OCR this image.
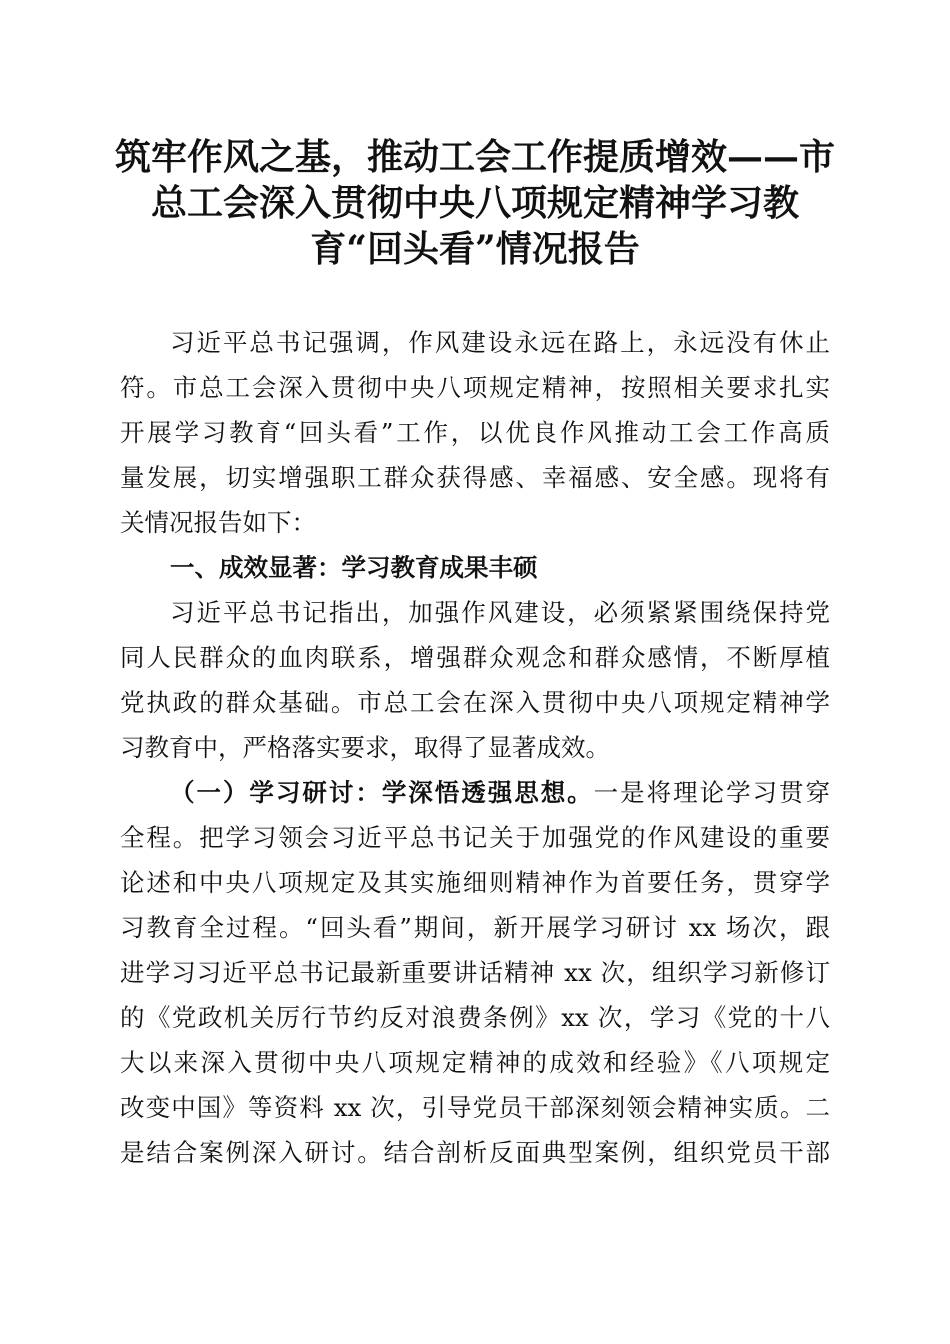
筑牢作风之基，推动工会工作提质增效——市
总工会深入贯彻中央八项规定精神学习教
育“回头看”情况报告
习近平总书记强调，作风建设永远在路上，永远没有休止
符。市总工会深入贯彻中央八项规定精神，按照相关要求扎实
开展学习教育“回头看”工作，以优良作风推动工会工作高质
量发展，切实增强职工群众获得感、幸福感、安全感。现将有
关情况报告如下：
一、成效显著：学习教育成果丰硕
习近平总书记指出，加强作风建设，必须紧紧围绕保持党
同人民群众的血肉联系，增强群众观念和群众感情，不断厚植
党执政的群众基础。市总工会在深入贯彻中央八项规定精神学
习教育中，严格落实要求，取得了显著成效。
（一）学习研讨：学深悟透强思想。一是将理论学习贯穿
全程。把学习领会习近平总书记关于加强党的作风建设的重要
论述和中央八项规定及其实施细则精神作为首要任务，贯穿学
习教育全过程。“回头看”期间，新开展学习研讨 xx 场次，跟
进学习习近平总书记最新重要讲话精神 xx 次，组织学习新修订
的《党政机关厉行节约反对浪费条例》xx 次，学习《党的十八
大以来深入贯彻中央八项规定精神的成效和经验》《八项规定
改变中国》等资料 xx 次，引导党员干部深刻领会精神实质。二
是结合案例深入研讨。结合剖析反面典型案例，组织党员干部
